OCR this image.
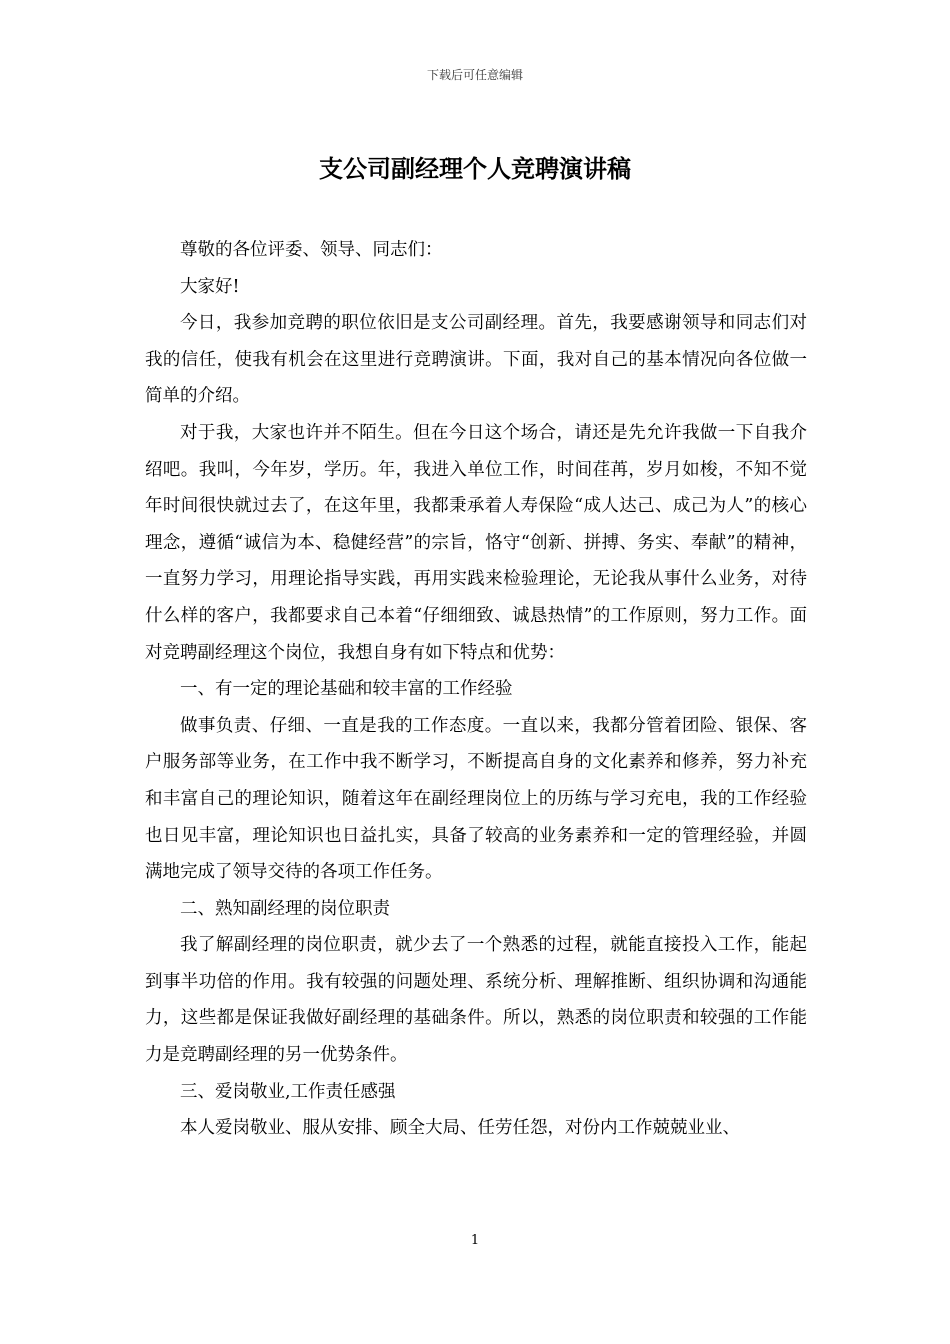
下载后可任意编辑
支公司副经理个人竞聘演讲稿

尊敬的各位评委、领导、同志们：

大家好!

今日，我参加竞聘的职位依旧是支公司副经理。首先，我要感谢领导和同志们对我的信任，使我有机会在这里进行竞聘演讲。下面，我对自己的基本情况向各位做一简单的介绍。

对于我，大家也许并不陌生。但在今日这个场合，请还是先允许我做一下自我介绍吧。我叫，今年岁，学历。年，我进入单位工作，时间荏苒，岁月如梭，不知不觉年时间很快就过去了，在这年里，我都秉承着人寿保险“成人达己、成己为人”的核心理念，遵循“诚信为本、稳健经营”的宗旨，恪守“创新、拼搏、务实、奉献”的精神，一直努力学习，用理论指导实践，再用实践来检验理论，无论我从事什么业务，对待什么样的客户，我都要求自己本着“仔细细致、诚恳热情”的工作原则，努力工作。面对竞聘副经理这个岗位，我想自身有如下特点和优势：

一、有一定的理论基础和较丰富的工作经验

做事负责、仔细、一直是我的工作态度。一直以来，我都分管着团险、银保、客户服务部等业务，在工作中我不断学习，不断提高自身的文化素养和修养，努力补充和丰富自己的理论知识，随着这年在副经理岗位上的历练与学习充电，我的工作经验也日见丰富，理论知识也日益扎实，具备了较高的业务素养和一定的管理经验，并圆满地完成了领导交待的各项工作任务。

二、熟知副经理的岗位职责

我了解副经理的岗位职责，就少去了一个熟悉的过程，就能直接投入工作，能起到事半功倍的作用。我有较强的问题处理、系统分析、理解推断、组织协调和沟通能力，这些都是保证我做好副经理的基础条件。所以，熟悉的岗位职责和较强的工作能力是竞聘副经理的另一优势条件。

三、爱岗敬业,工作责任感强

本人爱岗敬业、服从安排、顾全大局、任劳任怨，对份内工作兢兢业业、

1
